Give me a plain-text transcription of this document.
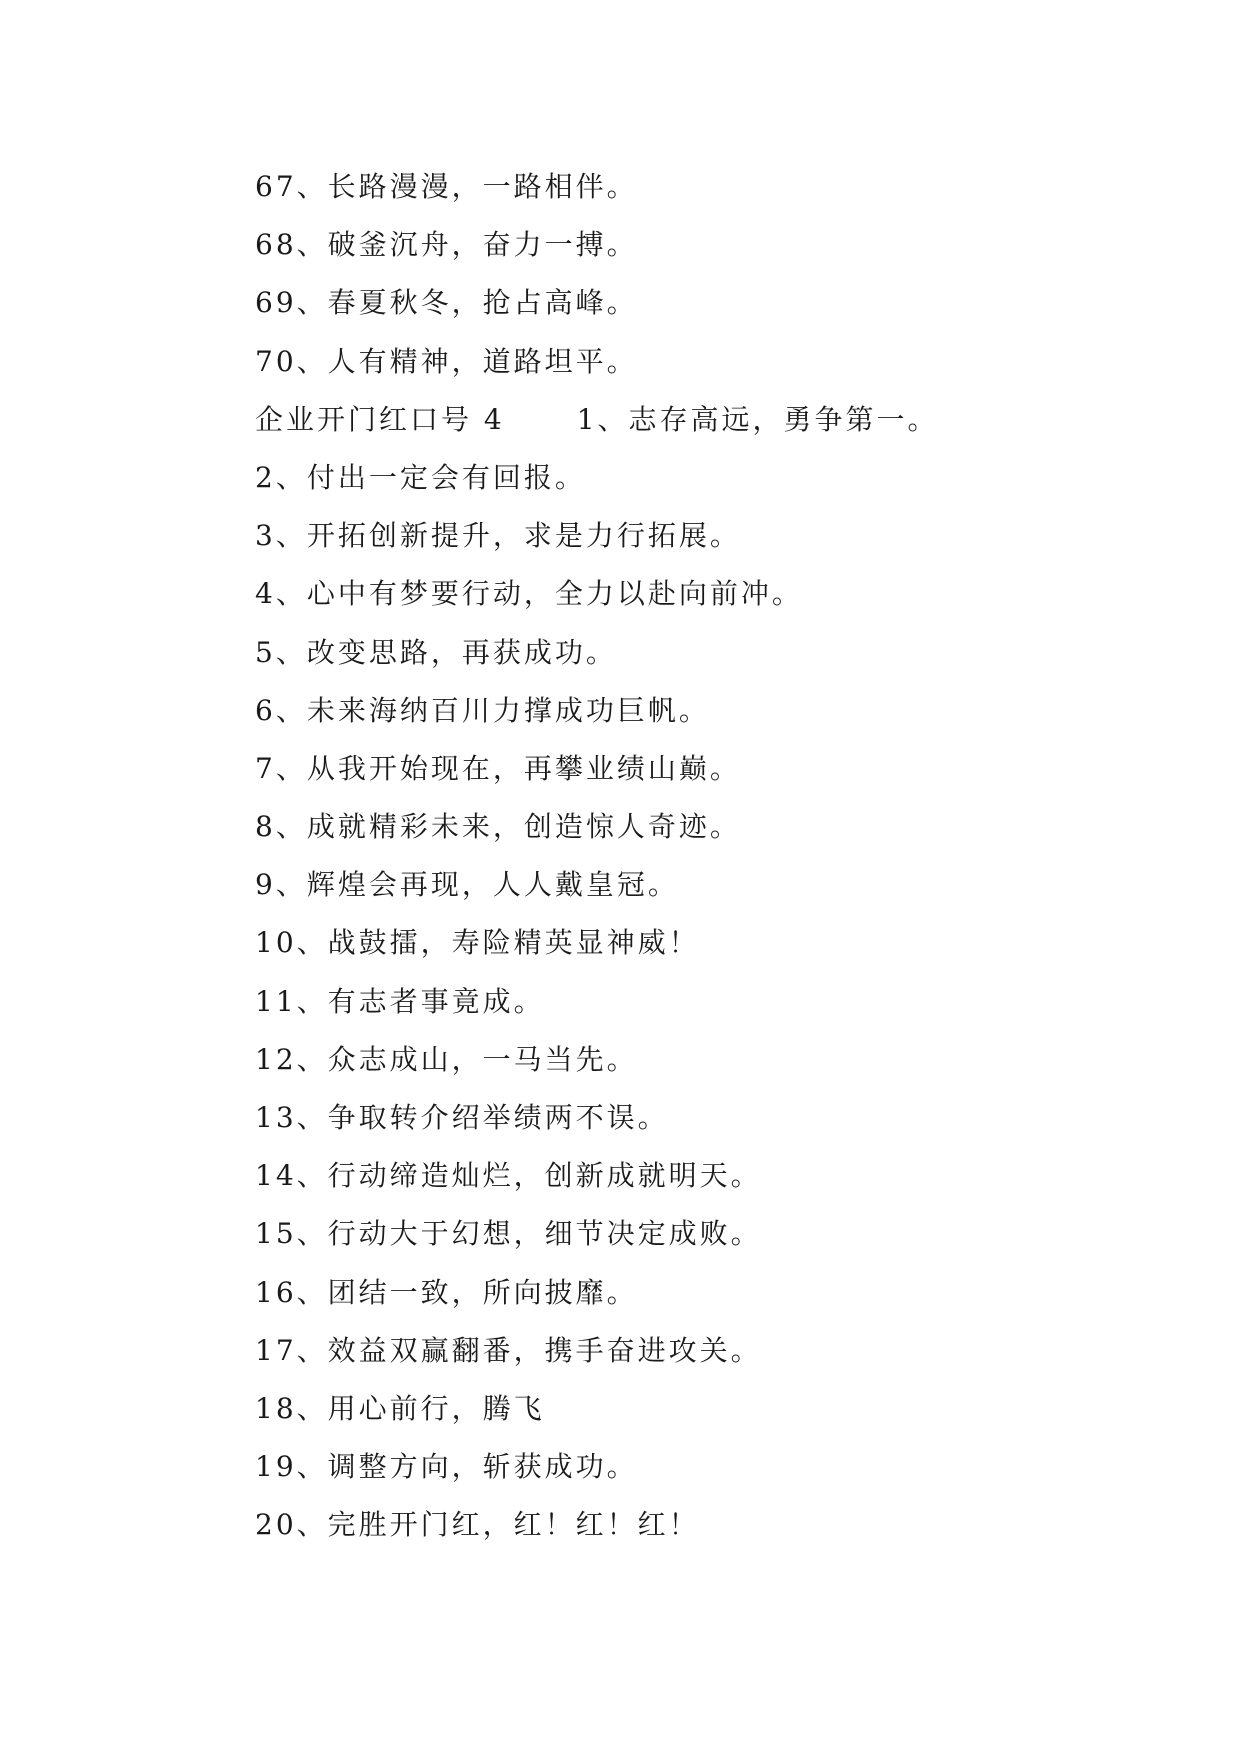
67、长路漫漫，一路相伴。
68、破釜沉舟，奋力一搏。
69、春夏秋冬，抢占高峰。
70、人有精神，道路坦平。
企业开门红口号 4	1、志存高远，勇争第一。
2、付出一定会有回报。
3、开拓创新提升，求是力行拓展。
4、心中有梦要行动，全力以赴向前冲。
5、改变思路，再获成功。
6、未来海纳百川力撑成功巨帆。
7、从我开始现在，再攀业绩山巅。
8、成就精彩未来，创造惊人奇迹。
9、辉煌会再现，人人戴皇冠。
10、战鼓擂，寿险精英显神威！
11、有志者事竟成。
12、众志成山，一马当先。
13、争取转介绍举绩两不误。
14、行动缔造灿烂，创新成就明天。
15、行动大于幻想，细节决定成败。
16、团结一致，所向披靡。
17、效益双赢翻番，携手奋进攻关。
18、用心前行，腾飞
19、调整方向，斩获成功。
20、完胜开门红，红！红！红！
